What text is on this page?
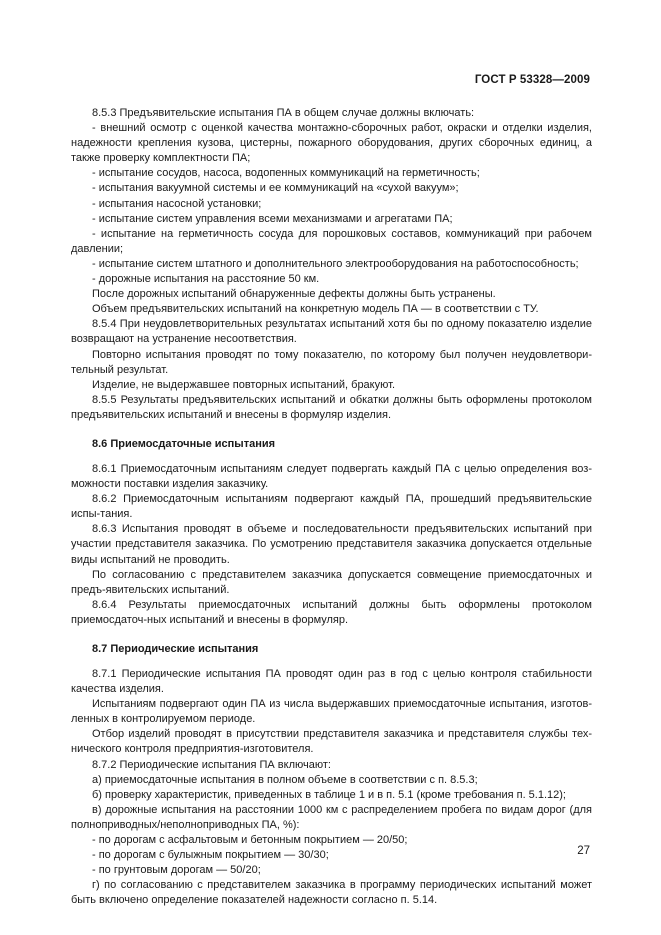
ГОСТ Р 53328—2009

8.5.3 Предъявительские испытания ПА в общем случае должны включать:

- внешний осмотр с оценкой качества монтажно-сборочных работ, окраски и отделки изделия, надежности крепления кузова, цистерны, пожарного оборудования, других сборочных единиц, а также проверку комплектности ПА;

- испытание сосудов, насоса, водопенных коммуникаций на герметичность;

- испытания вакуумной системы и ее коммуникаций на «сухой вакуум»;

- испытания насосной установки;

- испытание систем управления всеми механизмами и агрегатами ПА;

- испытание на герметичность сосуда для порошковых составов, коммуникаций при рабочем давлении;

- испытание систем штатного и дополнительного электрооборудования на работоспособность;

- дорожные испытания на расстояние 50 км.

После дорожных испытаний обнаруженные дефекты должны быть устранены.

Объем предъявительских испытаний на конкретную модель ПА — в соответствии с ТУ.

8.5.4 При неудовлетворительных результатах испытаний хотя бы по одному показателю изделие возвращают на устранение несоответствия.

Повторно испытания проводят по тому показателю, по которому был получен неудовлетвори-тельный результат.

Изделие, не выдержавшее повторных испытаний, бракуют.

8.5.5 Результаты предъявительских испытаний и обкатки должны быть оформлены протоколом предъявительских испытаний и внесены в формуляр изделия.

8.6 Приемосдаточные испытания

8.6.1 Приемосдаточным испытаниям следует подвергать каждый ПА с целью определения воз-можности поставки изделия заказчику.

8.6.2 Приемосдаточным испытаниям подвергают каждый ПА, прошедший предъявительские испы-тания.

8.6.3 Испытания проводят в объеме и последовательности предъявительских испытаний при участии представителя заказчика. По усмотрению представителя заказчика допускается отдельные виды испытаний не проводить.

По согласованию с представителем заказчика допускается совмещение приемосдаточных и предъ-явительских испытаний.

8.6.4 Результаты приемосдаточных испытаний должны быть оформлены протоколом приемосдаточ-ных испытаний и внесены в формуляр.

8.7 Периодические испытания

8.7.1 Периодические испытания ПА проводят один раз в год с целью контроля стабильности качества изделия.

Испытаниям подвергают один ПА из числа выдержавших приемосдаточные испытания, изготов-ленных в контролируемом периоде.

Отбор изделий проводят в присутствии представителя заказчика и представителя службы тех-нического контроля предприятия-изготовителя.

8.7.2 Периодические испытания ПА включают:

а) приемосдаточные испытания в полном объеме в соответствии с п. 8.5.3;

б) проверку характеристик, приведенных в таблице 1 и в п. 5.1 (кроме требования п. 5.1.12);

в) дорожные испытания на расстоянии 1000 км с распределением пробега по видам дорог (для полноприводных/неполноприводных ПА, %):

- по дорогам с асфальтовым и бетонным покрытием — 20/50;

- по дорогам с булыжным покрытием — 30/30;

- по грунтовым дорогам — 50/20;

г) по согласованию с представителем заказчика в программу периодических испытаний может быть включено определение показателей надежности согласно п. 5.14.

27
